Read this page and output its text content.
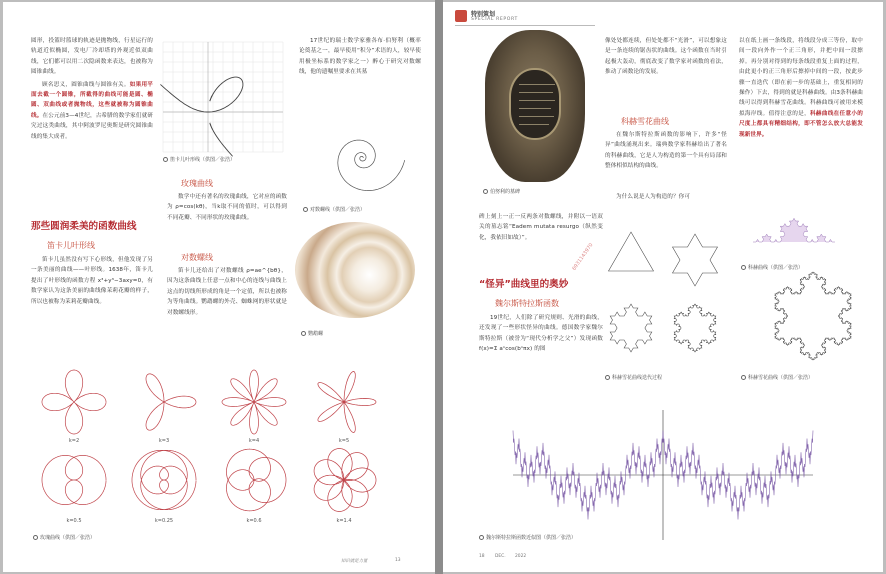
圆形，投篮时篮球的轨迹是抛物线，行星运行的轨道近似椭圆，发电厂冷却塔的外观近似双曲线，它们都可以用二次隐函数来表达，也被称为圆锥曲线。

顾名思义，圆锥曲线与圆锥有关。如果用平面去截一个圆锥，所截得的曲线可能是圆、椭圆、双曲线或者抛物线，这些就被称为圆锥曲线。在公元前3—4世纪，古希腊的数学家们就研究过这类曲线，其中阿波罗尼奥斯是研究圆锥曲线的集大成者。

那些圆润柔美的函数曲线
笛卡儿叶形线

笛卡儿虽然没有写下心形线，但他发现了另一条美丽的曲线——叶形线。1638年，笛卡儿提出了叶形线的函数方程 x³+y³−3axy=0，有数学家认为这条美丽的曲线像茉莉花瓣的样子，所以也被称为茉莉花瓣曲线。

笛卡儿叶形线（供图／张浩）
玫瑰曲线

数学中还有著名的玫瑰曲线，它对应的函数为 ρ=cos(kθ)，当k取不同的值时，可以得到不同花瓣、不同形状的玫瑰曲线。

对数螺线

笛卡儿还给出了对数螺线 ρ=ae^{bθ}，因为这条曲线上任意一点和中心的连线与曲线上这点的切线所形成的角是一个定值，所以也被称为等角曲线。鹦鹉螺的外壳、蜘蛛网的形状就是对数螺线形。

17世纪的瑞士数学家雅各布·伯努利（概率论奠基之一，最早使用“积分”术语的人，较早使用极坐标系的数学家之一）醉心于研究对数螺线，他的遗嘱里要求在其墓

对数螺线（供图／张浩）
鹦鹉螺
k=2	k=3	k=4	k=5
k=0.5	k=0.25	k=0.6	k=1.4
玫瑰曲线（供图／张浩）
知识就是力量	13
特别策划
SPECIAL REPORT
伯努利的墓碑
碑上刻上一正一反两条对数螺线，并附以一语双关的墓志铭“Eadem mutata resurgo（纵然变化，我依旧如故）”。
6931143970
“怪异”曲线里的奥妙
魏尔斯特拉斯函数

19世纪，人们除了研究规则、光滑的曲线，还发现了一些形状怪异的曲线。德国数学家魏尔斯特拉斯（被誉为“现代分析学之父”）发现函数 f(x)=Σ aⁿcos(bⁿπx) 的图

像处处都连续，但处处都不“光滑”，可以想象这是一条连续的锯齿状的曲线。这个函数在当时引起极大轰动，彻底改变了数学家对函数的看法，推动了函数论的发展。
科赫雪花曲线

在魏尔斯特拉斯函数的影响下，许多“怪异”曲线涌现出来。瑞典数学家科赫给出了著名的科赫曲线，它是人为构造的第一个具有局部和整体相似结构的曲线。

为什么说是人为构造的？你可

以在纸上画一条线段，将线段分成三等份，取中间一段向外作一个正三角形，并把中间一段擦掉。再分别对得到的每条线段重复上面的过程，由此更小的正三角形后擦掉中间的一段，按此步骤一直迭代（即在前一步的基础上，重复相同的操作）下去，得到的就是科赫曲线。由3条科赫曲线可以得到科赫雪花曲线。科赫曲线可被用来模拟海岸线。值得注意的是，科赫曲线在任意小的尺度上都具有精细结构，即不管怎么放大总能发现新世界。
科赫曲线（供图／张浩）
科赫雪花曲线迭代过程	科赫雪花曲线（供图／张浩）
魏尔斯特拉斯函数近似图（供图／张浩）
18 DEC. 2022
